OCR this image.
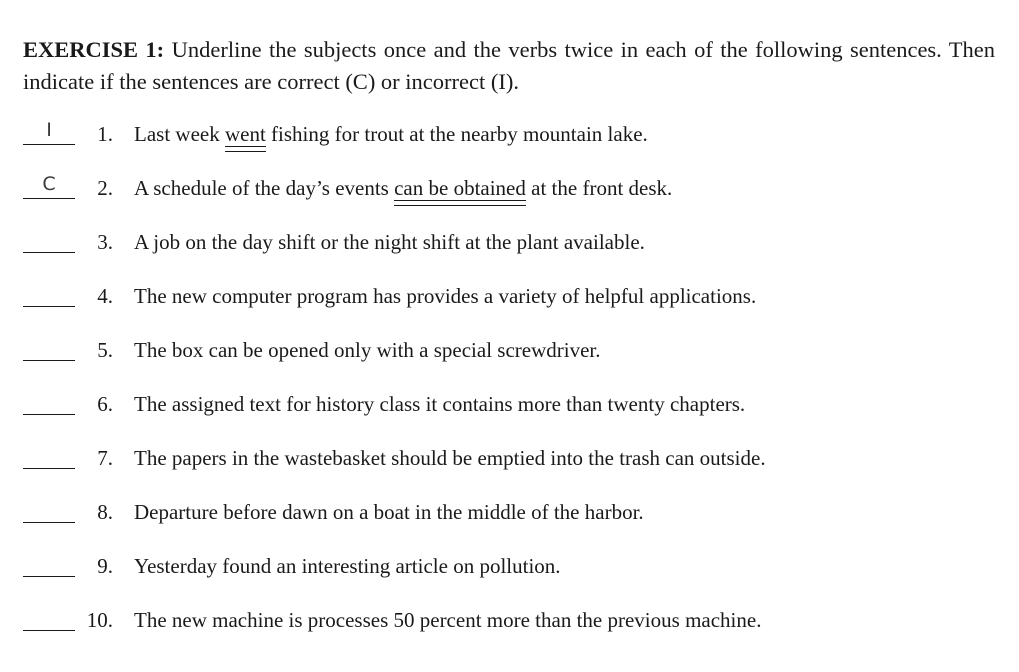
EXERCISE 1: Underline the subjects once and the verbs twice in each of the following sentences. Then indicate if the sentences are correct (C) or incorrect (I).
I	1. Last week went fishing for trout at the nearby mountain lake.
C	2. A schedule of the day’s events can be obtained at the front desk.
3. A job on the day shift or the night shift at the plant available.
4. The new computer program has provides a variety of helpful applications.
5. The box can be opened only with a special screwdriver.
6. The assigned text for history class it contains more than twenty chapters.
7. The papers in the wastebasket should be emptied into the trash can outside.
8. Departure before dawn on a boat in the middle of the harbor.
9. Yesterday found an interesting article on pollution.
10. The new machine is processes 50 percent more than the previous machine.
